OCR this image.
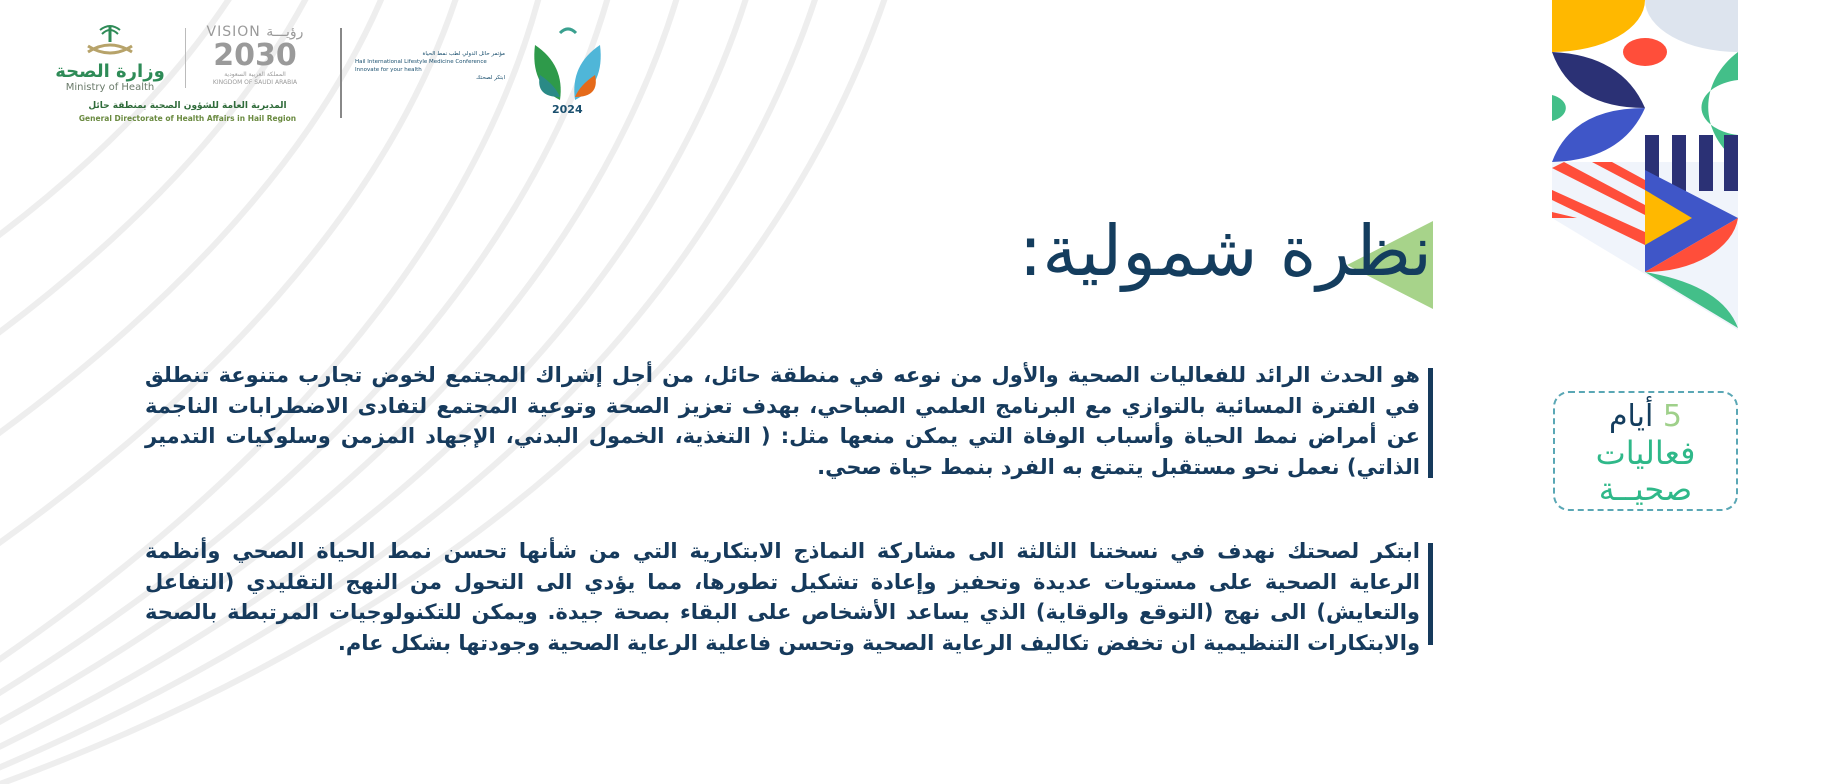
وزارة الصحة
Ministry of Health
VISION رؤيـــة
2030
المملكة العربية السعودية
KINGDOM OF SAUDI ARABIA
المديرية العامة للشؤون الصحية بمنطقة حائل
General Directorate of Health Affairs in Hail Region
مؤتمر حائل الدولي لطب نمط الحياة
Hail International Lifestyle Medicine Conference
Innovate for your health
ابتكر لصحتك
2024
نظرة شمولية:
هو الحدث الرائد للفعاليات الصحية والأول من نوعه في منطقة حائل، من أجل إشراك المجتمع لخوض تجارب متنوعة تنطلق في الفترة المسائية بالتوازي مع البرنامج العلمي الصباحي، بهدف تعزيز الصحة وتوعية المجتمع لتفادى الاضطرابات الناجمة عن أمراض نمط الحياة وأسباب الوفاة التي يمكن منعها مثل: ( التغذية، الخمول البدني، الإجهاد المزمن وسلوكيات التدمير الذاتي) نعمل نحو مستقبل يتمتع به الفرد بنمط حياة صحي.
ابتكر لصحتك نهدف في نسختنا الثالثة الى مشاركة النماذج الابتكارية التي من شأنها تحسن نمط الحياة الصحي وأنظمة الرعاية الصحية على مستويات عديدة وتحفيز وإعادة تشكيل تطورها، مما يؤدي الى التحول من النهج التقليدي (التفاعل والتعايش) الى نهج (التوقع والوقاية) الذي يساعد الأشخاص على البقاء بصحة جيدة. ويمكن للتكنولوجيات المرتبطة بالصحة والابتكارات التنظيمية ان تخفض تكاليف الرعاية الصحية وتحسن فاعلية الرعاية الصحية وجودتها بشكل عام.
5 أيام
فعاليات
صحيــة
